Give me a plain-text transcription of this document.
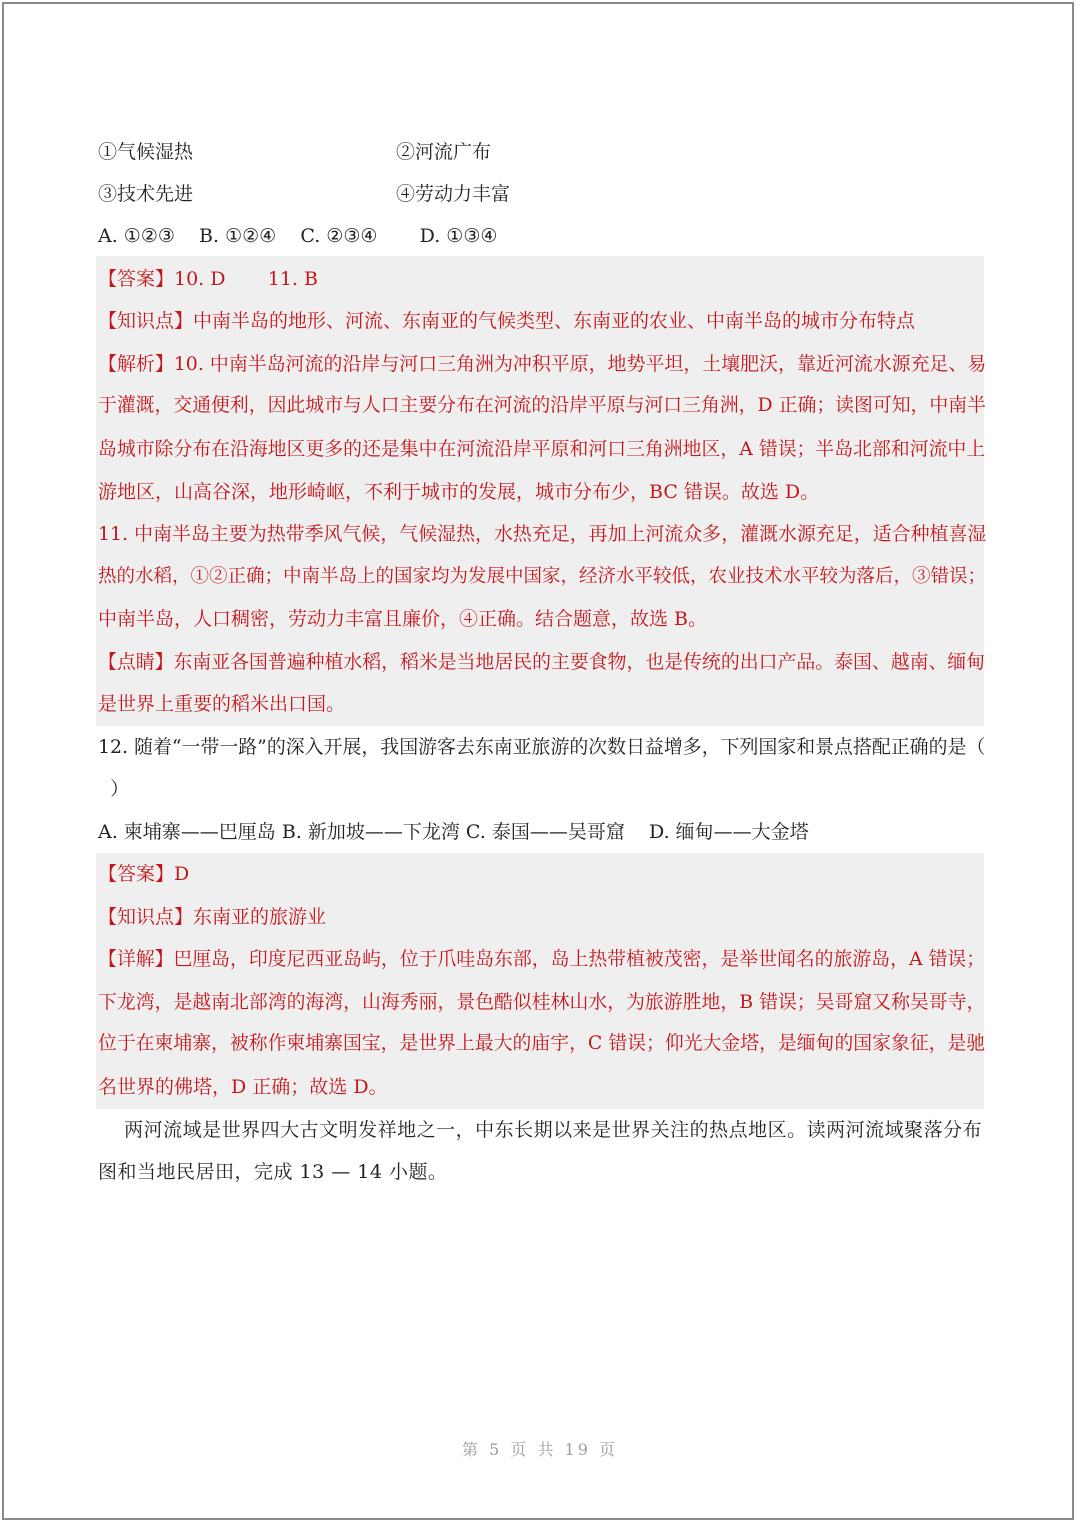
①气候湿热	②河流广布
③技术先进	④劳动力丰富
A. ①②③    B. ①②④    C. ②③④       D. ①③④
【答案】10. D       11. B
【知识点】中南半岛的地形、河流、东南亚的气候类型、东南亚的农业、中南半岛的城市分布特点
【解析】10. 中南半岛河流的沿岸与河口三角洲为冲积平原，地势平坦，土壤肥沃，靠近河流水源充足、易
于灌溉，交通便利，因此城市与人口主要分布在河流的沿岸平原与河口三角洲，D 正确；读图可知，中南半
岛城市除分布在沿海地区更多的还是集中在河流沿岸平原和河口三角洲地区，A 错误；半岛北部和河流中上
游地区，山高谷深，地形崎岖，不利于城市的发展，城市分布少，BC 错误。故选 D。
11. 中南半岛主要为热带季风气候，气候湿热，水热充足，再加上河流众多，灌溉水源充足，适合种植喜湿
热的水稻，①②正确；中南半岛上的国家均为发展中国家，经济水平较低，农业技术水平较为落后，③错误；
中南半岛，人口稠密，劳动力丰富且廉价，④正确。结合题意，故选 B。
【点睛】东南亚各国普遍种植水稻，稻米是当地居民的主要食物，也是传统的出口产品。泰国、越南、缅甸
是世界上重要的稻米出口国。
12. 随着“一带一路”的深入开展，我国游客去东南亚旅游的次数日益增多，下列国家和景点搭配正确的是（
）
A. 柬埔寨——巴厘岛 B. 新加坡——下龙湾 C. 泰国——吴哥窟    D. 缅甸——大金塔
【答案】D
【知识点】东南亚的旅游业
【详解】巴厘岛，印度尼西亚岛屿，位于爪哇岛东部，岛上热带植被茂密，是举世闻名的旅游岛，A 错误；
下龙湾，是越南北部湾的海湾，山海秀丽，景色酷似桂林山水，为旅游胜地，B 错误；吴哥窟又称吴哥寺，
位于在柬埔寨，被称作柬埔寨国宝，是世界上最大的庙宇，C 错误；仰光大金塔，是缅甸的国家象征，是驰
名世界的佛塔，D 正确；故选 D。
两河流域是世界四大古文明发祥地之一，中东长期以来是世界关注的热点地区。读两河流域聚落分布
图和当地民居田，完成 13 — 14 小题。
第 5 页 共 19 页
